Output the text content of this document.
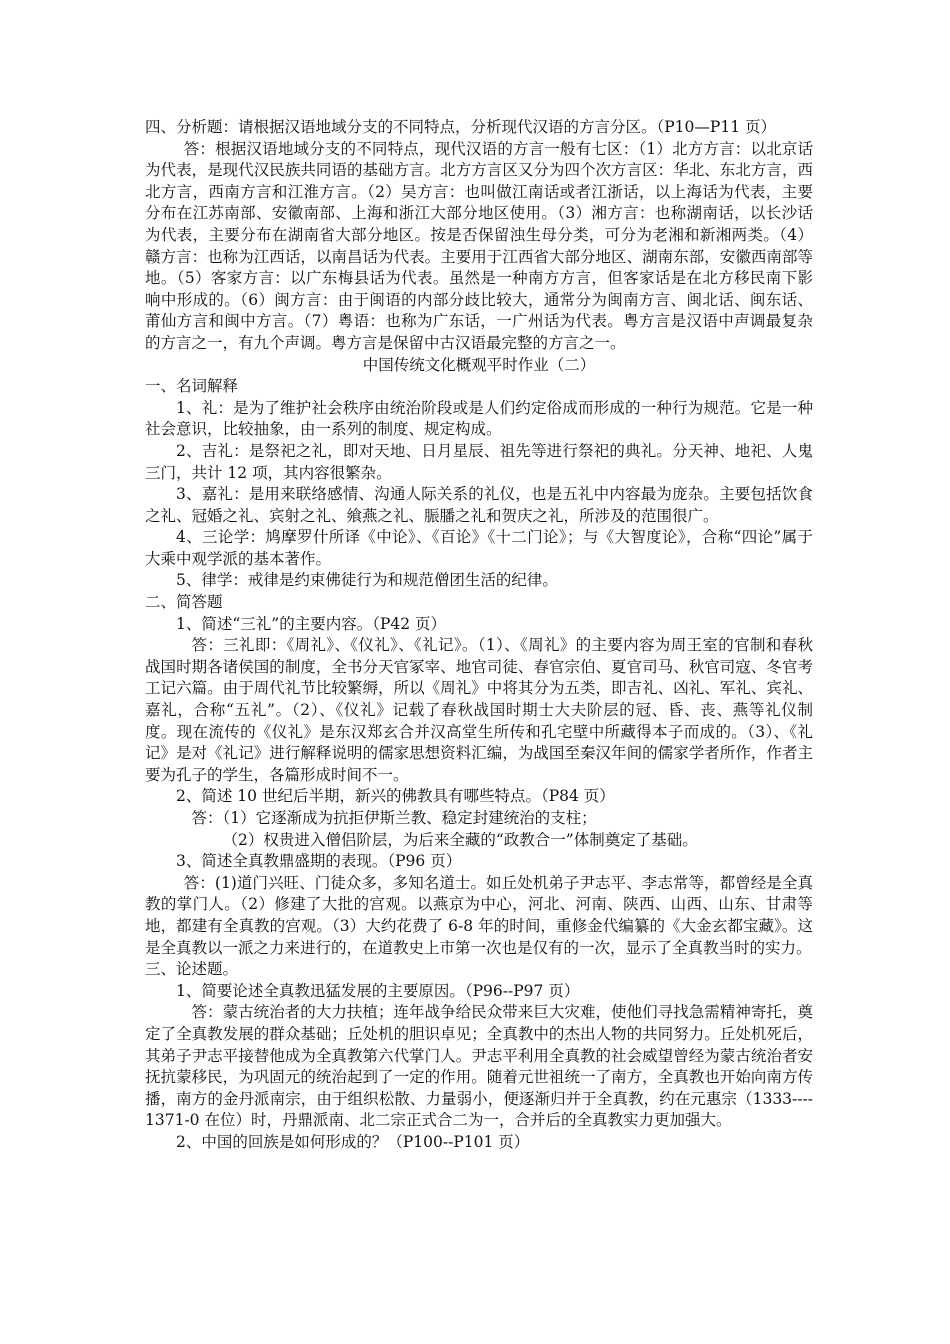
四、分析题：请根据汉语地域分支的不同特点，分析现代汉语的方言分区。（P10—P11 页）

答：根据汉语地域分支的不同特点，现代汉语的方言一般有七区：（1）北方方言：以北京话为代表，是现代汉民族共同语的基础方言。北方方言区又分为四个次方言区：华北、东北方言，西北方言，西南方言和江淮方言。（2）吴方言：也叫做江南话或者江浙话，以上海话为代表，主要分布在江苏南部、安徽南部、上海和浙江大部分地区使用。（3）湘方言：也称湖南话，以长沙话为代表，主要分布在湖南省大部分地区。按是否保留浊生母分类，可分为老湘和新湘两类。（4）赣方言：也称为江西话，以南昌话为代表。主要用于江西省大部分地区、湖南东部，安徽西南部等地。（5）客家方言：以广东梅县话为代表。虽然是一种南方方言，但客家话是在北方移民南下影响中形成的。（6）闽方言：由于闽语的内部分歧比较大，通常分为闽南方言、闽北话、闽东话、莆仙方言和闽中方言。（7）粤语：也称为广东话，一广州话为代表。粤方言是汉语中声调最复杂的方言之一，有九个声调。粤方言是保留中古汉语最完整的方言之一。

中国传统文化概观平时作业（二）

一、名词解释

1、礼：是为了维护社会秩序由统治阶段或是人们约定俗成而形成的一种行为规范。它是一种社会意识，比较抽象，由一系列的制度、规定构成。

2、吉礼：是祭祀之礼，即对天地、日月星辰、祖先等进行祭祀的典礼。分天神、地祀、人鬼三门，共计 12 项，其内容很繁杂。

3、嘉礼：是用来联络感情、沟通人际关系的礼仪，也是五礼中内容最为庞杂。主要包括饮食之礼、冠婚之礼、宾射之礼、飨燕之礼、脤膰之礼和贺庆之礼，所涉及的范围很广。

4、三论学：鸠摩罗什所译《中论》、《百论》《十二门论》；与《大智度论》，合称“四论”属于大乘中观学派的基本著作。

5、律学：戒律是约束佛徒行为和规范僧团生活的纪律。

二、简答题

1、简述“三礼”的主要内容。（P42 页）

答：三礼即：《周礼》、《仪礼》、《礼记》。（1）、《周礼》的主要内容为周王室的官制和春秋战国时期各诸侯国的制度，全书分天官冢宰、地官司徒、春官宗伯、夏官司马、秋官司寇、冬官考工记六篇。由于周代礼节比较繁缛，所以《周礼》中将其分为五类，即吉礼、凶礼、军礼、宾礼、嘉礼，合称“五礼”。（2）、《仪礼》记载了春秋战国时期士大夫阶层的冠、昏、丧、燕等礼仪制度。现在流传的《仪礼》是东汉郑玄合并汉高堂生所传和孔宅壁中所藏得本子而成的。（3）、《礼记》是对《礼记》进行解释说明的儒家思想资料汇编，为战国至秦汉年间的儒家学者所作，作者主要为孔子的学生，各篇形成时间不一。

2、简述 10 世纪后半期，新兴的佛教具有哪些特点。（P84 页）

答：（1）它逐渐成为抗拒伊斯兰教、稳定封建统治的支柱；

（2）权贵进入僧侣阶层，为后来全藏的“政教合一”体制奠定了基础。

3、简述全真教鼎盛期的表现。（P96 页）

答：(1)道门兴旺、门徒众多，多知名道士。如丘处机弟子尹志平、李志常等，都曾经是全真教的掌门人。（2）修建了大批的宫观。以燕京为中心，河北、河南、陕西、山西、山东、甘肃等地，都建有全真教的宫观。（3）大约花费了 6-8 年的时间，重修金代编纂的《大金玄都宝藏》。这是全真教以一派之力来进行的，在道教史上市第一次也是仅有的一次，显示了全真教当时的实力。

三、论述题。

1、简要论述全真教迅猛发展的主要原因。（P96--P97 页）

答：蒙古统治者的大力扶植；连年战争给民众带来巨大灾难，使他们寻找急需精神寄托，奠定了全真教发展的群众基础；丘处机的胆识卓见；全真教中的杰出人物的共同努力。丘处机死后，其弟子尹志平接替他成为全真教第六代掌门人。尹志平利用全真教的社会威望曾经为蒙古统治者安抚抗蒙移民，为巩固元的统治起到了一定的作用。随着元世祖统一了南方，全真教也开始向南方传播，南方的金丹派南宗，由于组织松散、力量弱小，便逐渐归并于全真教，约在元惠宗（1333----1371-0 在位）时，丹鼎派南、北二宗正式合二为一，合并后的全真教实力更加强大。

2、中国的回族是如何形成的？（P100--P101 页）
